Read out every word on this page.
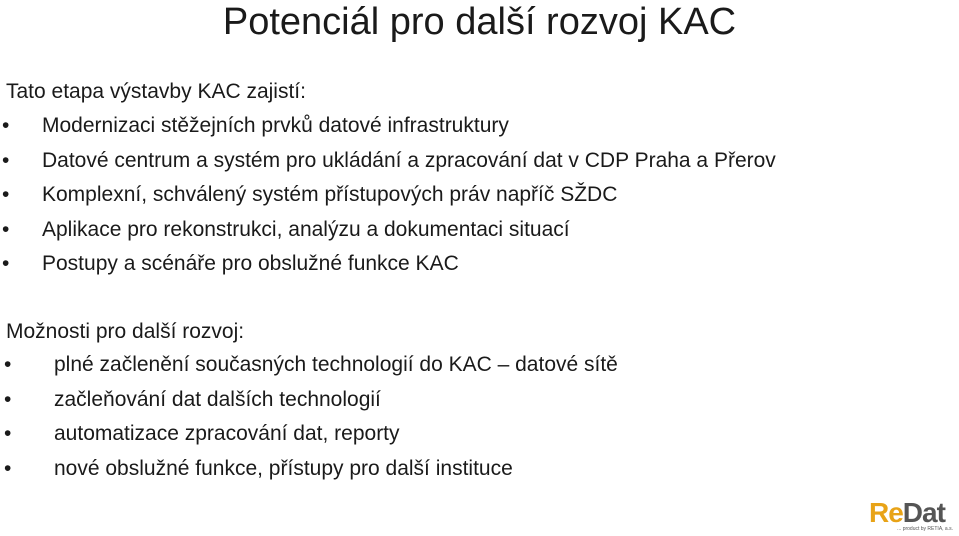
Potenciál pro další rozvoj KAC
Tato etapa výstavby KAC zajistí:
• Modernizaci stěžejních prvků datové infrastruktury
• Datové centrum a systém pro ukládání a zpracování dat v CDP Praha a Přerov
• Komplexní, schválený systém přístupových práv napříč SŽDC
• Aplikace pro rekonstrukci, analýzu a dokumentaci situací
• Postupy a scénáře pro obslužné funkce KAC
Možnosti pro další rozvoj:
• plné začlenění současných technologií do KAC – datové sítě
• začleňování dat dalších technologií
• automatizace zpracování dat, reporty
• nové obslužné funkce, přístupy pro další instituce
ReDat
... product by RETIA, a.s.
